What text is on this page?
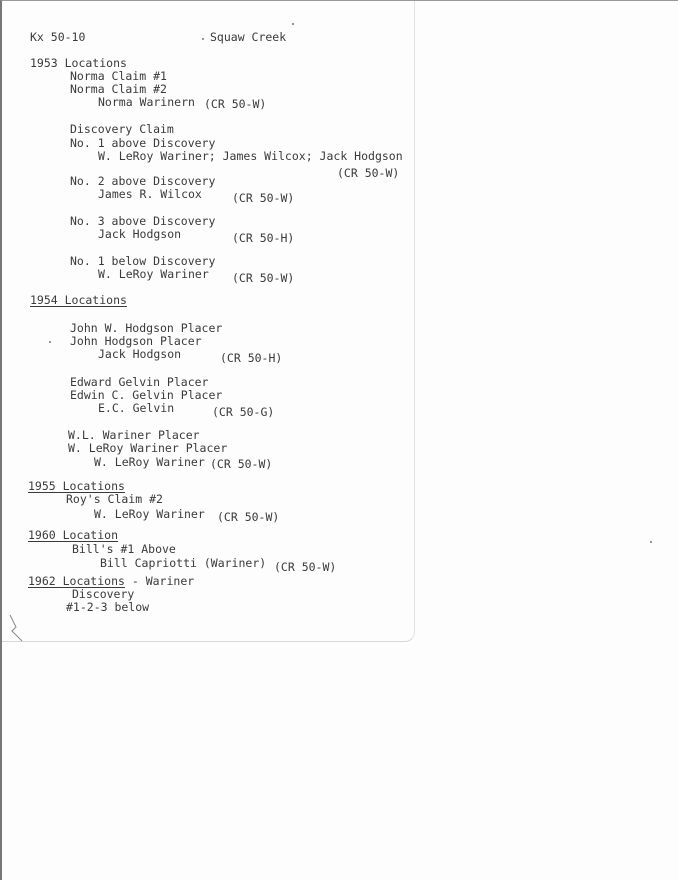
Kx 50-10	Squaw Creek
1953 Locations
Norma Claim #1
Norma Claim #2
Norma Warinern (CR 50-W)
Discovery Claim
No. 1 above Discovery
W. LeRoy Wariner; James Wilcox; Jack Hodgson
(CR 50-W)
No. 2 above Discovery
James R. Wilcox	(CR 50-W)
No. 3 above Discovery
Jack Hodgson	(CR 50-H)
No. 1 below Discovery
W. LeRoy Wariner (CR 50-W)
1954 Locations
John W. Hodgson Placer
John Hodgson Placer
Jack Hodgson	(CR 50-H)
Edward Gelvin Placer
Edwin C. Gelvin Placer
E.C. Gelvin	(CR 50-G)
W.L. Wariner Placer
W. LeRoy Wariner Placer
W. LeRoy Wariner (CR 50-W)
1955 Locations
Roy's Claim #2
W. LeRoy Wariner (CR 50-W)
1960 Location
Bill's #1 Above
Bill Capriotti (Wariner) (CR 50-W)
1962 Locations - Wariner
Discovery
#1-2-3 below
